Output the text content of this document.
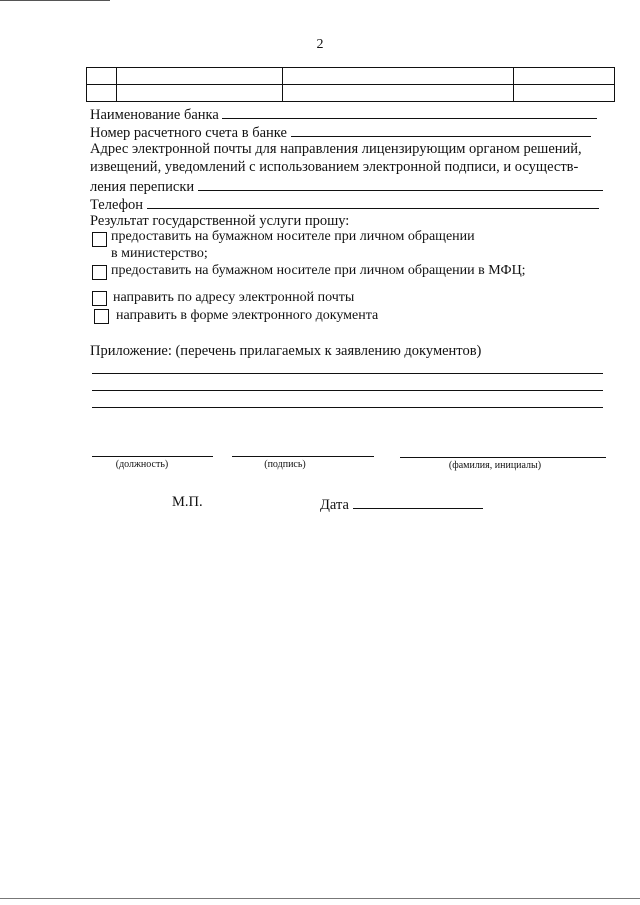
2

Наименование банка
Номер расчетного счета в банке
Адрес электронной почты для направления лицензирующим органом решений,
извещений, уведомлений с использованием электронной подписи, и осуществ-
ления переписки
Телефон
Результат государственной услуги прошу:
предоставить на бумажном носителе при личном обращении
в министерство;
предоставить на бумажном носителе при личном обращении в МФЦ;
направить по адресу электронной почты
направить в форме электронного документа
Приложение: (перечень прилагаемых к заявлению документов)
(должность)	(подпись)	(фамилия, инициалы)
М.П.	Дата
